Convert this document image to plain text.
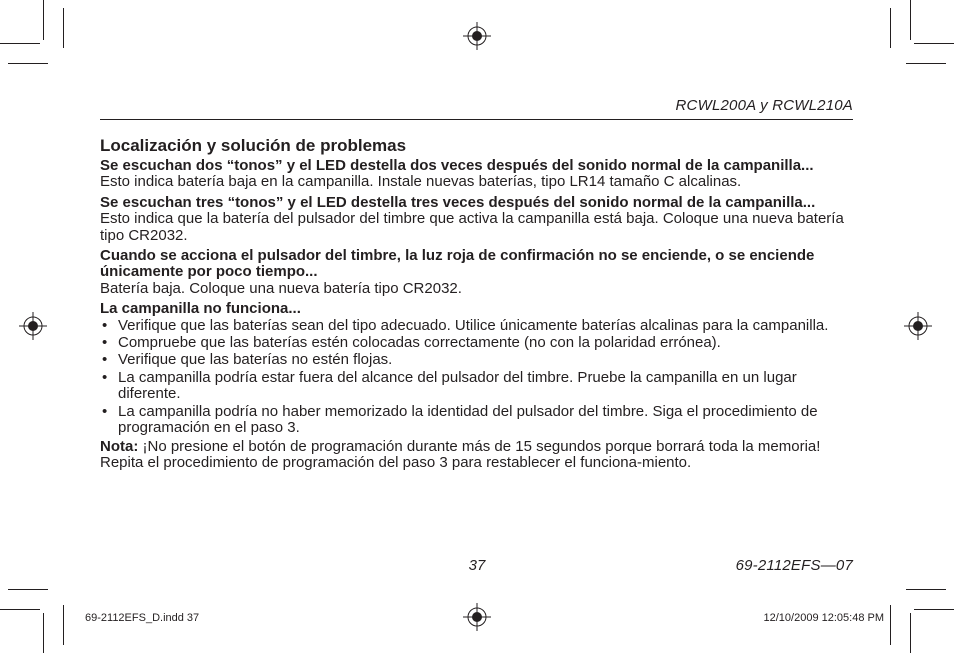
RCWL200A y RCWL210A
Localización y solución de problemas

Se escuchan dos “tonos” y el LED destella dos veces después del sonido normal de la campanilla...

Esto indica batería baja en la campanilla. Instale nuevas baterías, tipo LR14 tamaño C alcalinas.

Se escuchan tres “tonos” y el LED destella tres veces después del sonido normal de la campanilla...

Esto indica que la batería del pulsador del timbre que activa la campanilla está baja. Coloque una nueva batería tipo CR2032.

Cuando se acciona el pulsador del timbre, la luz roja de confirmación no se enciende, o se enciende únicamente por poco tiempo...

Batería baja. Coloque una nueva batería tipo CR2032.

La campanilla no funciona...

• Verifique que las baterías sean del tipo adecuado. Utilice únicamente baterías alcalinas para la campanilla.
• Compruebe que las baterías estén colocadas correctamente (no con la polaridad errónea).
• Verifique que las baterías no estén flojas.
• La campanilla podría estar fuera del alcance del pulsador del timbre. Pruebe la campanilla en un lugar diferente.
• La campanilla podría no haber memorizado la identidad del pulsador del timbre. Siga el procedimiento de programación en el paso 3.

Nota: ¡No presione el botón de programación durante más de 15 segundos porque borrará toda la memoria! Repita el procedimiento de programación del paso 3 para restablecer el funciona-miento.

37	69-2112EFS—07
69-2112EFS_D.indd 37	12/10/2009 12:05:48 PM
